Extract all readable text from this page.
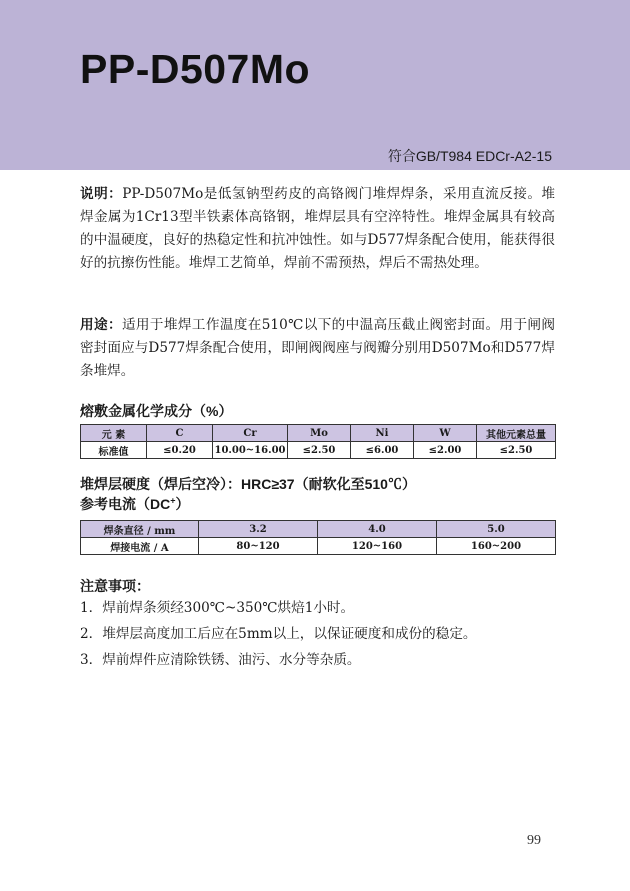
PP-D507Mo
符合GB/T984 EDCr-A2-15

说明：PP-D507Mo是低氢钠型药皮的高铬阀门堆焊焊条，采用直流反接。堆焊金属为1Cr13型半铁素体高铬钢，堆焊层具有空淬特性。堆焊金属具有较高的中温硬度，良好的热稳定性和抗冲蚀性。如与D577焊条配合使用，能获得很好的抗擦伤性能。堆焊工艺简单，焊前不需预热，焊后不需热处理。

用途：适用于堆焊工作温度在510℃以下的中温高压截止阀密封面。用于闸阀密封面应与D577焊条配合使用，即闸阀阀座与阀瓣分别用D507Mo和D577焊条堆焊。

熔敷金属化学成分（%）
元 素	C	Cr	Mo	Ni	W	其他元素总量
标准值	≤0.20	10.00~16.00	≤2.50	≤6.00	≤2.00	≤2.50
堆焊层硬度（焊后空冷）：HRC≥37（耐软化至510℃）
参考电流（DC+）
焊条直径 / mm	3.2	4.0	5.0
焊接电流 / A	80~120	120~160	160~200
注意事项：

1．焊前焊条须经300℃~350℃烘焙1小时。

2．堆焊层高度加工后应在5mm以上，以保证硬度和成份的稳定。

3．焊前焊件应清除铁锈、油污、水分等杂质。

99
